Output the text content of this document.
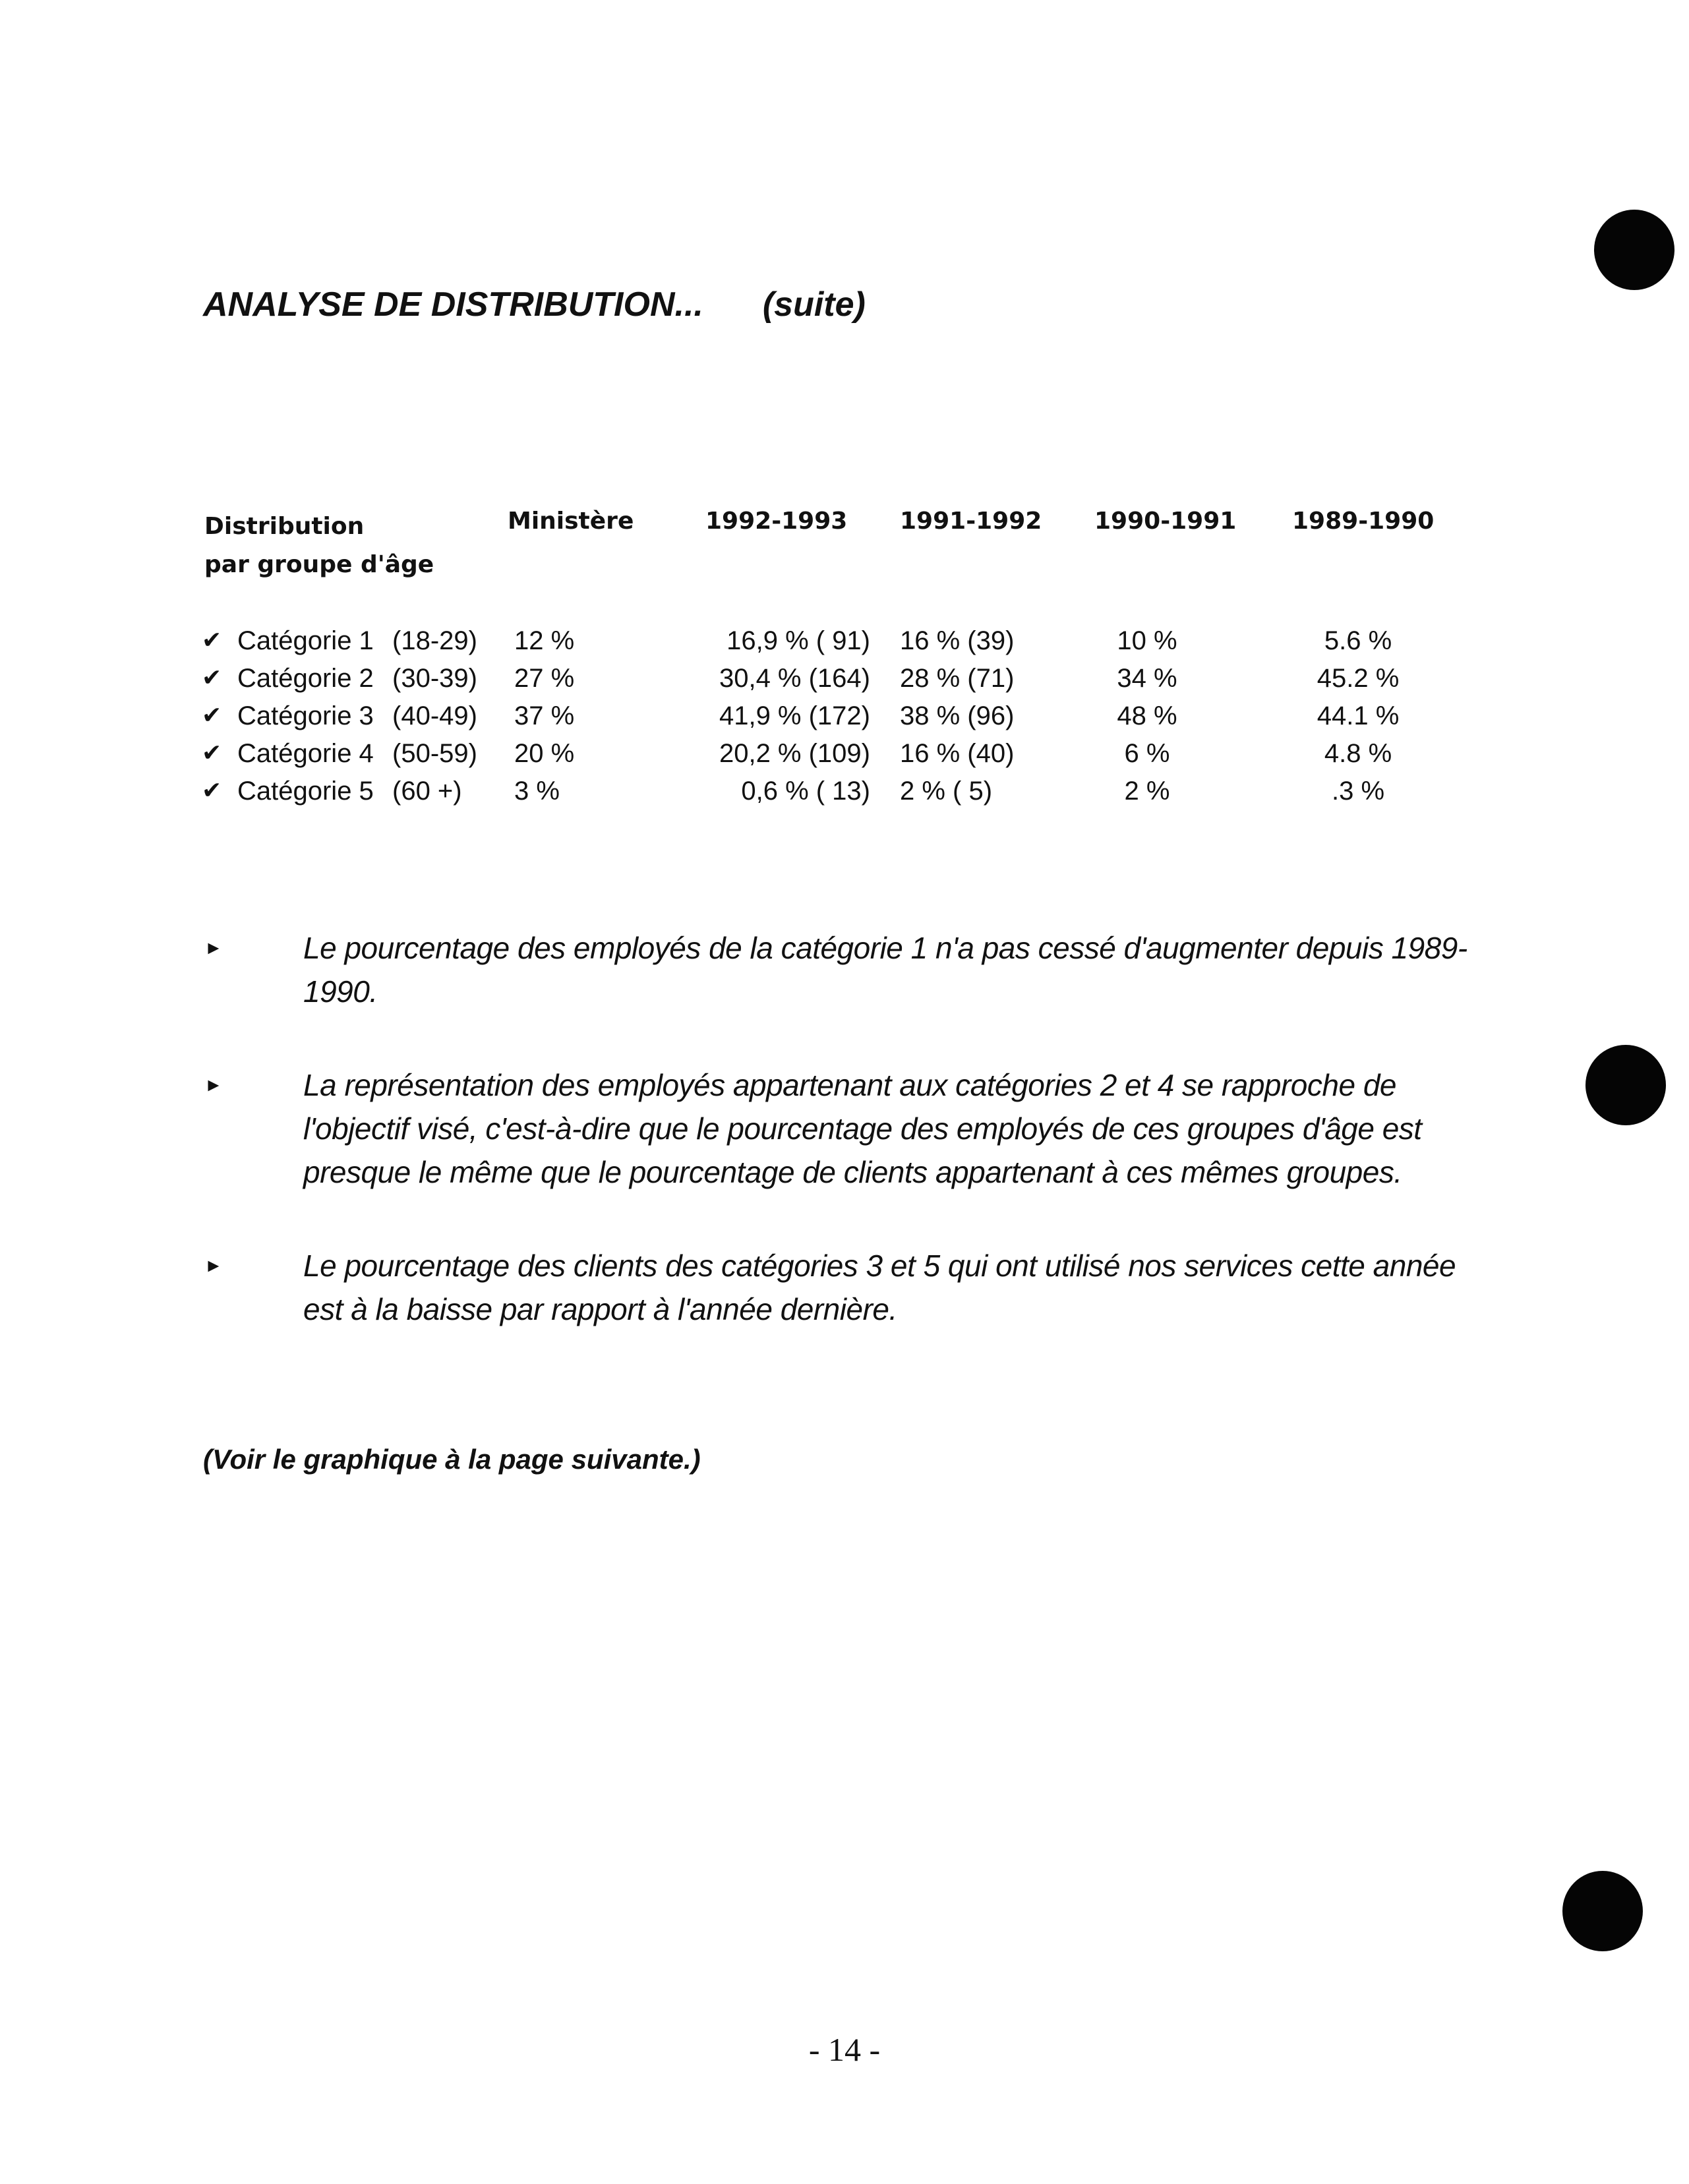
ANALYSE DE DISTRIBUTION... (suite)
Distribution
par groupe d'âge
Ministère	1992-1993 1991-1992 1990-1991 1989-1990
✔ Catégorie 1 (18-29) 12 %	16,9 % ( 91) 16 % (39)	10 %	5.6 %
✔ Catégorie 2 (30-39) 27 %	30,4 % (164) 28 % (71)	34 %	45.2 %
✔ Catégorie 3 (40-49) 37 %	41,9 % (172) 38 % (96)	48 %	44.1 %
✔ Catégorie 4 (50-59) 20 %	20,2 % (109) 16 % (40)	6 %	4.8 %
✔ Catégorie 5 (60 +) 3 %	0,6 % ( 13) 2 % ( 5)	2 %	.3 %
►	Le pourcentage des employés de la catégorie 1 n'a pas cessé d'augmenter depuis 1989-1990.
►	La représentation des employés appartenant aux catégories 2 et 4 se rapproche de l'objectif visé, c'est-à-dire que le pourcentage des employés de ces groupes d'âge est presque le même que le pourcentage de clients appartenant à ces mêmes groupes.
►	Le pourcentage des clients des catégories 3 et 5 qui ont utilisé nos services cette année est à la baisse par rapport à l'année dernière.
(Voir le graphique à la page suivante.)
- 14 -
